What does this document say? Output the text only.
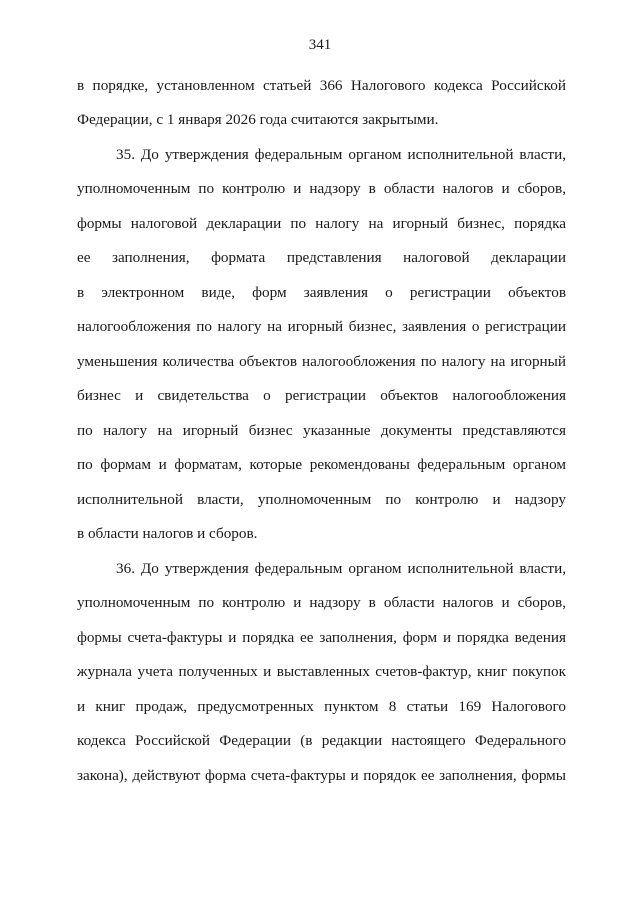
341
в порядке, установленном статьей 366 Налогового кодекса Российской
Федерации, с 1 января 2026 года считаются закрытыми.
35. До утверждения федеральным органом исполнительной власти,
уполномоченным по контролю и надзору в области налогов и сборов,
формы налоговой декларации по налогу на игорный бизнес, порядка
ее заполнения, формата представления налоговой декларации
в электронном виде, форм заявления о регистрации объектов
налогообложения по налогу на игорный бизнес, заявления о регистрации
уменьшения количества объектов налогообложения по налогу на игорный
бизнес и свидетельства о регистрации объектов налогообложения
по налогу на игорный бизнес указанные документы представляются
по формам и форматам, которые рекомендованы федеральным органом
исполнительной власти, уполномоченным по контролю и надзору
в области налогов и сборов.
36. До утверждения федеральным органом исполнительной власти,
уполномоченным по контролю и надзору в области налогов и сборов,
формы счета-фактуры и порядка ее заполнения, форм и порядка ведения
журнала учета полученных и выставленных счетов-фактур, книг покупок
и книг продаж, предусмотренных пунктом 8 статьи 169 Налогового
кодекса Российской Федерации (в редакции настоящего Федерального
закона), действуют форма счета-фактуры и порядок ее заполнения, формы
